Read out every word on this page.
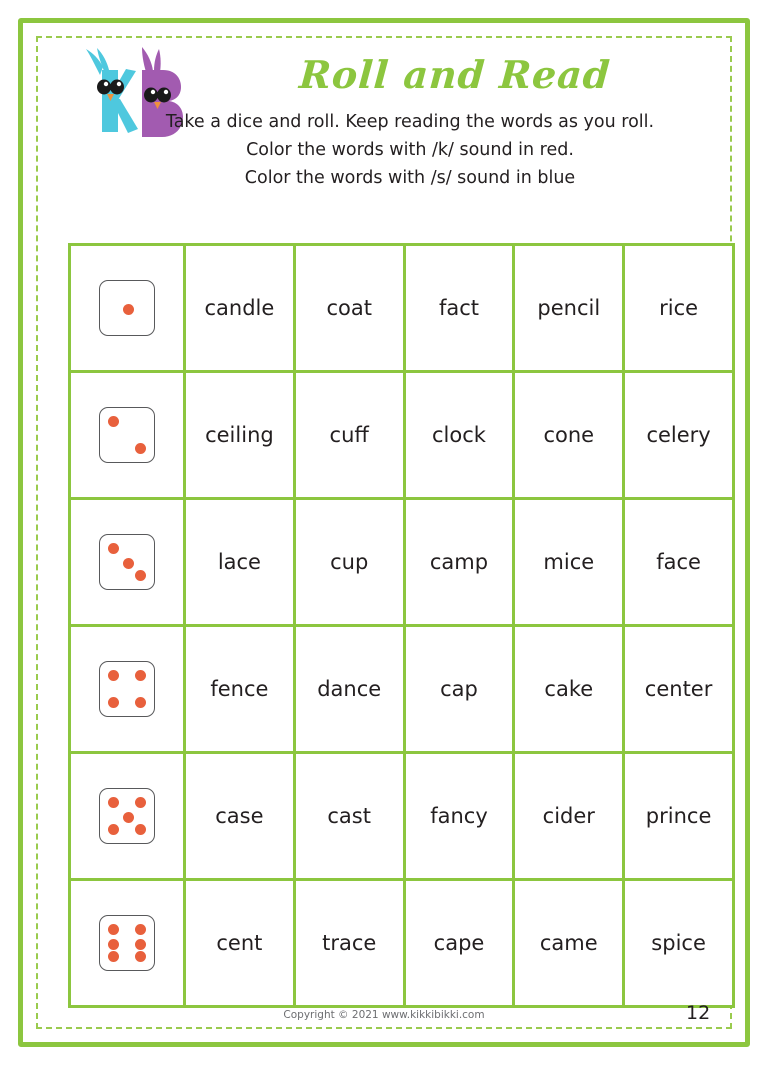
Roll and Read
Take a dice and roll. Keep reading the words as you roll.
Color the words with /k/ sound in red.
Color the words with /s/ sound in blue
	candle	coat	fact	pencil	rice

	ceiling	cuff	clock	cone	celery

	lace	cup	camp	mice	face

	fence	dance	cap	cake	center

	case	cast	fancy	cider	prince

	cent	trace	cape	came	spice
Copyright © 2021 www.kikkibikki.com	12
